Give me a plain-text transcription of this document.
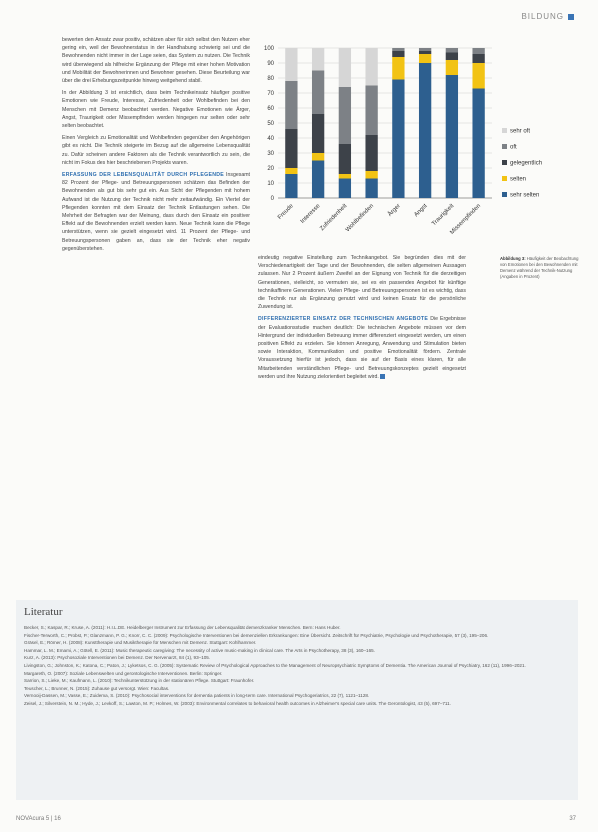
BILDUNG

bewerten den Ansatz zwar positiv, schätzen aber für sich selbst den Nutzen eher gering ein, weil der Bewohnerstatus in der Handhabung schwierig sei und die Bewohnenden nicht immer in der Lage seien, das System zu nutzen. Die Technik wird überwiegend als hilfreiche Ergänzung der Pflege mit einer hohen Motivation und Mobilität der Bewohnerinnen und Bewohner gesehen. Diese Beurteilung war über die drei Erhebungszeitpunkte hinweg weitgehend stabil.

In der Abbildung 3 ist ersichtlich, dass beim Technikeinsatz häufiger positive Emotionen wie Freude, Interesse, Zufriedenheit oder Wohlbefinden bei den Menschen mit Demenz beobachtet werden. Negative Emotionen wie Ärger, Angst, Traurigkeit oder Missempfinden werden hingegen nur selten oder sehr selten beobachtet.

Einen Vergleich zu Emotionalität und Wohlbefinden gegenüber den Angehörigen gibt es nicht. Die Technik steigerte im Bezug auf die allgemeine Lebensqualität zu. Dafür scheinen andere Faktoren als die Technik verantwortlich zu sein, die nicht im Fokus des hier beschriebenen Projekts waren.

ERFASSUNG DER LEBENSQUALITÄT DURCH PFLEGENDE Insgesamt 82 Prozent der Pflege- und Betreuungspersonen schätzen das Befinden der Bewohnenden als gut bis sehr gut ein. Aus Sicht der Pflegenden mit hohem Aufwand ist die Nutzung der Technik nicht mehr zeitaufwändig. Ein Viertel der Pflegenden konnten mit dem Einsatz der Technik Entlastungen sehen. Die Mehrheit der Befragten war der Meinung, dass durch den Einsatz ein positiver Effekt auf die Bewohnenden erzielt werden kann. Neue Technik kann die Pflege unterstützen, wenn sie gezielt eingesetzt wird. 11 Prozent der Pflege- und Betreuungspersonen gaben an, dass sie der Technik eher negativ gegenüberstehen.

0
10
20
30
40
50
60
70
80
90
100
Freude Interesse
Zufriedenheit
Wohlbefinden Ärger Angst Traurigkeit
Missempfinden
sehr oft
oft
gelegentlich
selten
sehr selten
Abbildung 3: Häufigkeit der Beobachtung von Emotionen bei den Bewohnenden mit Demenz während der Technik-Nutzung (Angaben in Prozent)

eindeutig negative Einstellung zum Technikangebot. Sie begründen dies mit der Verschiedenartigkeit der Tage und der Bewohnenden, die selten allgemeinen Aussagen zulassen. Nur 2 Prozent äußern Zweifel an der Eignung von Technik für die derzeitigen Generationen, vielleicht, so vermuten sie, sei es ein passendes Angebot für künftige technikaffinere Generationen. Vielen Pflege- und Betreuungspersonen ist es wichtig, dass die Technik nur als Ergänzung genutzt wird und keinen Ersatz für die persönliche Zuwendung ist.

DIFFERENZIERTER EINSATZ DER TECHNISCHEN ANGEBOTE Die Ergebnisse der Evaluationsstudie machen deutlich: Die technischen Angebote müssen vor dem Hintergrund der individuellen Betreuung immer differenziert eingesetzt werden, um einen positiven Effekt zu erzielen. Sie können Anregung, Anwendung und Stimulation bieten sowie Interaktion, Kommunikation und positive Emotionalität fördern. Zentrale Voraussetzung hierfür ist jedoch, dass sie auf der Basis eines klaren, für alle Mitarbeitenden verständlichen Pflege- und Betreuungskonzeptes gezielt eingesetzt werden und ihre Nutzung zielorientiert begleitet wird.

Literatur
Becker, S.; Kaspar, R.; Kruse, A. (2011): H.I.L.DE. Heidelberger Instrument zur Erfassung der Lebensqualität demenzkranker Menschen. Bern: Hans Huber.
Fischer-Terworth, C.; Probst, P.; Glanzmann, P. G.; Knorr, C. C. (2009): Psychologische Interventionen bei demenziellen Erkrankungen: Eine Übersicht. Zeitschrift für Psychiatrie, Psychologie und Psychotherapie, 57 (3), 195–206.
Gräsel, E.; Römer, H. (2008): Kunsttherapie und Musiktherapie für Menschen mit Demenz. Stuttgart: Kohlhammer.
Hammar, L. M.; Emami, A.; Götell, E. (2011): Music therapeutic caregiving: The necessity of active music-making in clinical care. The Arts in Psychotherapy, 38 (3), 160–165.
Kurz, A. (2013): Psychosoziale Interventionen bei Demenz. Der Nervenarzt, 84 (1), 93–105.
Livingston, G.; Johnston, K.; Katona, C.; Paton, J.; Lyketsos, C. G. (2005): Systematic Review of Psychological Approaches to the Management of Neuropsychiatric Symptoms of Dementia. The American Journal of Psychiatry, 162 (11), 1996–2021.
Margareth, O. (2007): Soziale Lebenswelten und gerontologische Interventionen. Berlin: Springer.
Sarrion, S.; Lieke, M.; Kaufmann, L. (2010): Technikunterstützung in der stationären Pflege. Stuttgart: Fraunhofer.
Teuscher, L.; Brunner, N. (2015): Zuhause gut versorgt. Wien: Facultas.
Vernooij-Dassen, M.; Vasse, E.; Zuidema, S. (2010): Psychosocial interventions for dementia patients in long-term care. International Psychogeriatrics, 22 (7), 1121–1128.
Zeisel, J.; Silverstein, N. M.; Hyde, J.; Levkoff, S.; Lawton, M. P.; Holmes, W. (2003): Environmental correlates to behavioral health outcomes in Alzheimer's special care units. The Gerontologist, 43 (5), 697–711.
NOVAcura 5 | 16	37
